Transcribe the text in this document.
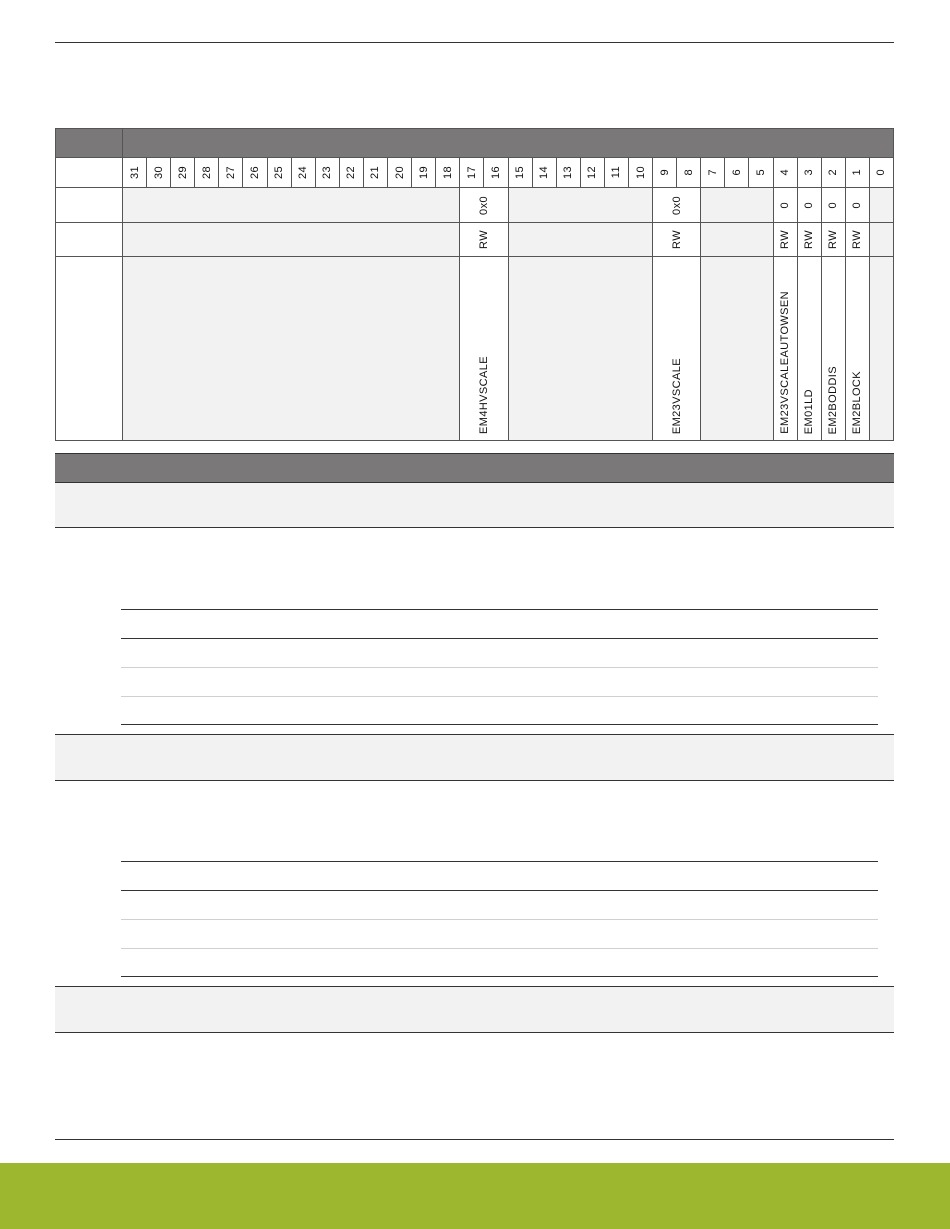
	31	30	29	28	27	26	25	24	23	22	21	20	19	18	17	16	15	14	13	12	11	10	9	8	7	6	5	4	3	2	1	0

															0x0								0x0					0	0	0	0	

															RW								RW					RW	RW	RW	RW	

															EM4HVSCALE								EM23VSCALE					EM23VSCALEAUTOWSEN	EM01LD	EM2BODDIS	EM2BLOCK	
